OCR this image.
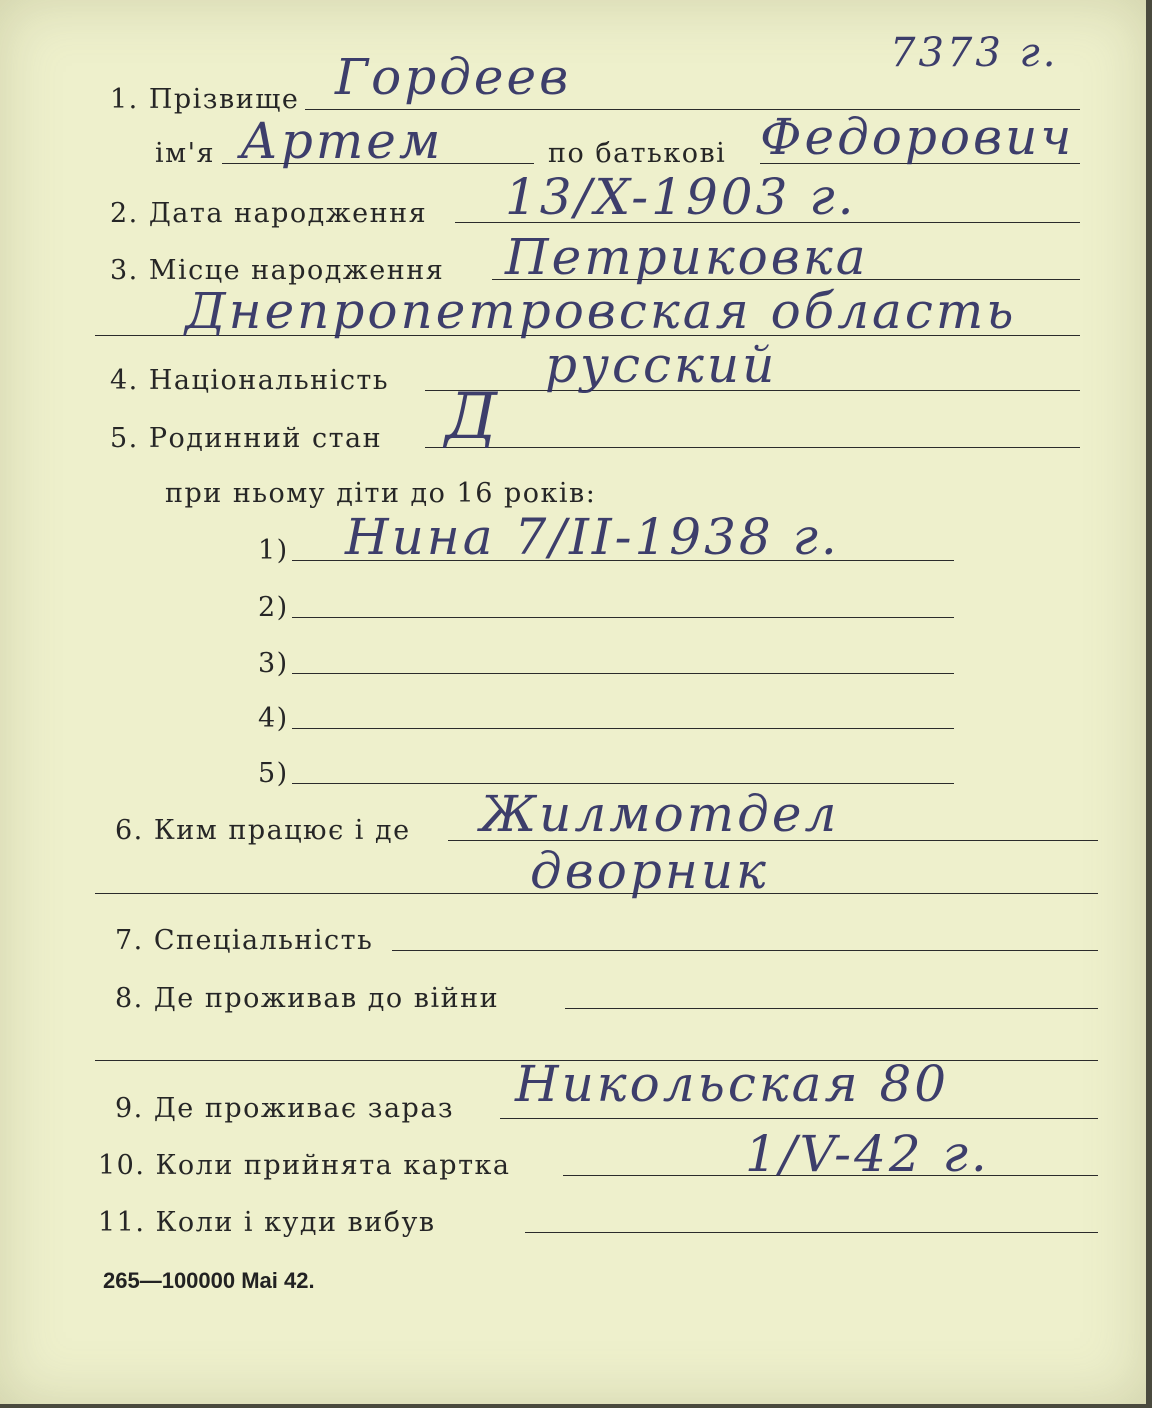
7373 г.
1. Прізвище Гордеев
ім'я Артем	по батькові Федорович
2. Дата народження 13/X-1903 г.
3. Місце народження Петриковка
Днепропетровская область
4. Національність	русский
5. Родинний стан Д
при ньому діти до 16 років:
1) Нина 7/II-1938 г.
2)
3)
4)
5)
6. Ким працює і де Жилмотдел
дворник
7. Спеціальність
8. Де проживав до війни
9. Де проживає зараз Никольская 80
10. Коли прийнята картка	1/V-42 г.
11. Коли і куди вибув
265—100000 Mai 42.
